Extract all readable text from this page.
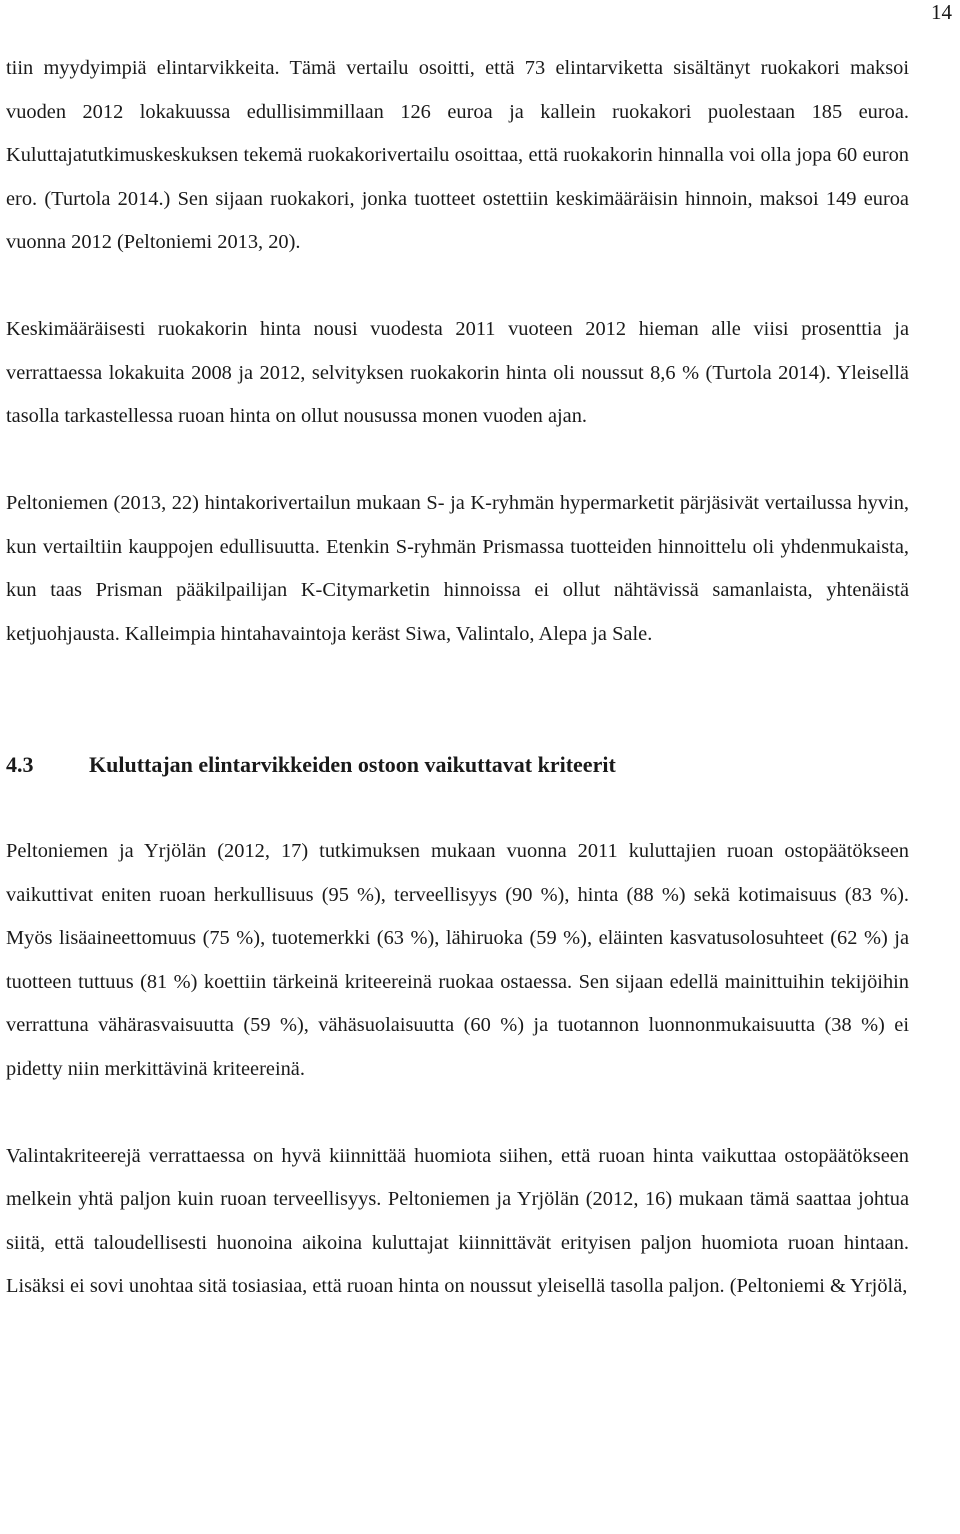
14

tiin myydyimpiä elintarvikkeita. Tämä vertailu osoitti, että 73 elintarviketta sisältänyt ruokakori maksoi vuoden 2012 lokakuussa edullisimmillaan 126 euroa ja kallein ruokakori puolestaan 185 euroa. Kuluttajatutkimuskeskuksen tekemä ruokakorivertailu osoittaa, että ruokakorin hinnalla voi olla jopa 60 euron ero. (Turtola 2014.) Sen sijaan ruokakori, jonka tuotteet ostettiin keskimääräisin hinnoin, maksoi 149 euroa vuonna 2012 (Peltoniemi 2013, 20).

Keskimääräisesti ruokakorin hinta nousi vuodesta 2011 vuoteen 2012 hieman alle viisi prosenttia ja verrattaessa lokakuita 2008 ja 2012, selvityksen ruokakorin hinta oli noussut 8,6 % (Turtola 2014). Yleisellä tasolla tarkastellessa ruoan hinta on ollut nousussa monen vuoden ajan.

Peltoniemen (2013, 22) hintakorivertailun mukaan S- ja K-ryhmän hypermarketit pärjäsivät vertailussa hyvin, kun vertailtiin kauppojen edullisuutta. Etenkin S-ryhmän Prismassa tuotteiden hinnoittelu oli yhdenmukaista, kun taas Prisman pääkilpailijan K-Citymarketin hinnoissa ei ollut nähtävissä samanlaista, yhtenäistä ketjuohjausta. Kalleimpia hintahavaintoja keräst Siwa, Valintalo, Alepa ja Sale.

4.3	Kuluttajan elintarvikkeiden ostoon vaikuttavat kriteerit

Peltoniemen ja Yrjölän (2012, 17) tutkimuksen mukaan vuonna 2011 kuluttajien ruoan ostopäätökseen vaikuttivat eniten ruoan herkullisuus (95 %), terveellisyys (90 %), hinta (88 %) sekä kotimaisuus (83 %). Myös lisäaineettomuus (75 %), tuotemerkki (63 %), lähiruoka (59 %), eläinten kasvatusolosuhteet (62 %) ja tuotteen tuttuus (81 %) koettiin tärkeinä kriteereinä ruokaa ostaessa. Sen sijaan edellä mainittuihin tekijöihin verrattuna vähärasvaisuutta (59 %), vähäsuolaisuutta (60 %) ja tuotannon luonnonmukaisuutta (38 %) ei pidetty niin merkittävinä kriteereinä.

Valintakriteerejä verrattaessa on hyvä kiinnittää huomiota siihen, että ruoan hinta vaikuttaa ostopäätökseen melkein yhtä paljon kuin ruoan terveellisyys. Peltoniemen ja Yrjölän (2012, 16) mukaan tämä saattaa johtua siitä, että taloudellisesti huonoina aikoina kuluttajat kiinnittävät erityisen paljon huomiota ruoan hintaan. Lisäksi ei sovi unohtaa sitä tosiasiaa, että ruoan hinta on noussut yleisellä tasolla paljon. (Peltoniemi & Yrjölä,
